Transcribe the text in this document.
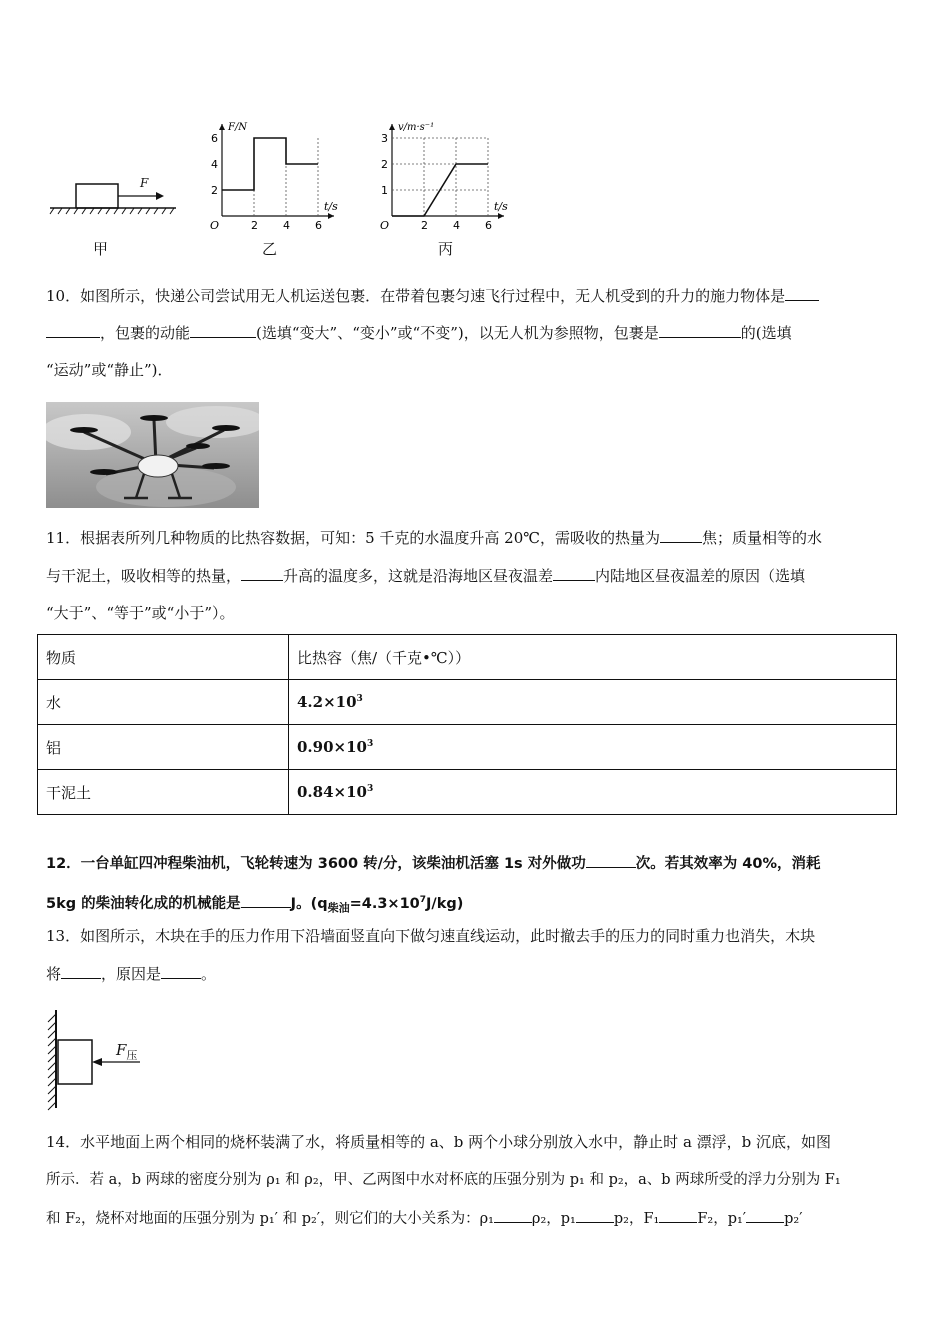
F
甲
2 4 6
2
4
6
O
t/s
F/N
乙
2 4 6
1
2
3
O
t/s
v/m·s⁻¹
丙
10．如图所示，快递公司尝试用无人机运送包裹．在带着包裹匀速飞行过程中，无人机受到的升力的施力物体是
，包裹的动能	(选填“变大”、“变小”或“不变”)，以无人机为参照物，包裹是	的(选填
“运动”或“静止”)．
11．根据表所列几种物质的比热容数据，可知：5 千克的水温度升高 20℃，需吸收的热量为	焦；质量相等的水
与干泥土，吸收相等的热量，	升高的温度多，这就是沿海地区昼夜温差	内陆地区昼夜温差的原因（选填
“大于”、“等于”或“小于”）。
物质	比热容（焦/（千克•℃））
水	$4.2\times 10^3$
铝	$0.90\times 10^3$
干泥土	$0.84\times 10^3$
12．一台单缸四冲程柴油机，飞轮转速为 3600 转/分，该柴油机活塞 1s 对外做功	次。若其效率为 40%，消耗
5kg 的柴油转化成的机械能是	J。$(q_{柴油}=4.3\times 10^7J/kg)$
13．如图所示，木块在手的压力作用下沿墙面竖直向下做匀速直线运动，此时撤去手的压力的同时重力也消失，木块
将	，原因是	。
$F_压$
14．水平地面上两个相同的烧杯装满了水，将质量相等的 a、b 两个小球分别放入水中，静止时 a 漂浮，b 沉底，如图
所示．若 a，b 两球的密度分别为 ρ₁ 和 ρ₂，甲、乙两图中水对杯底的压强分别为 p₁ 和 p₂，a、b 两球所受的浮力分别为 F₁
和 F₂，烧杯对地面的压强分别为 p₁′ 和 p₂′，则它们的大小关系为：ρ₁	ρ₂，p₁	p₂，F₁	F₂，p₁′	p₂′
